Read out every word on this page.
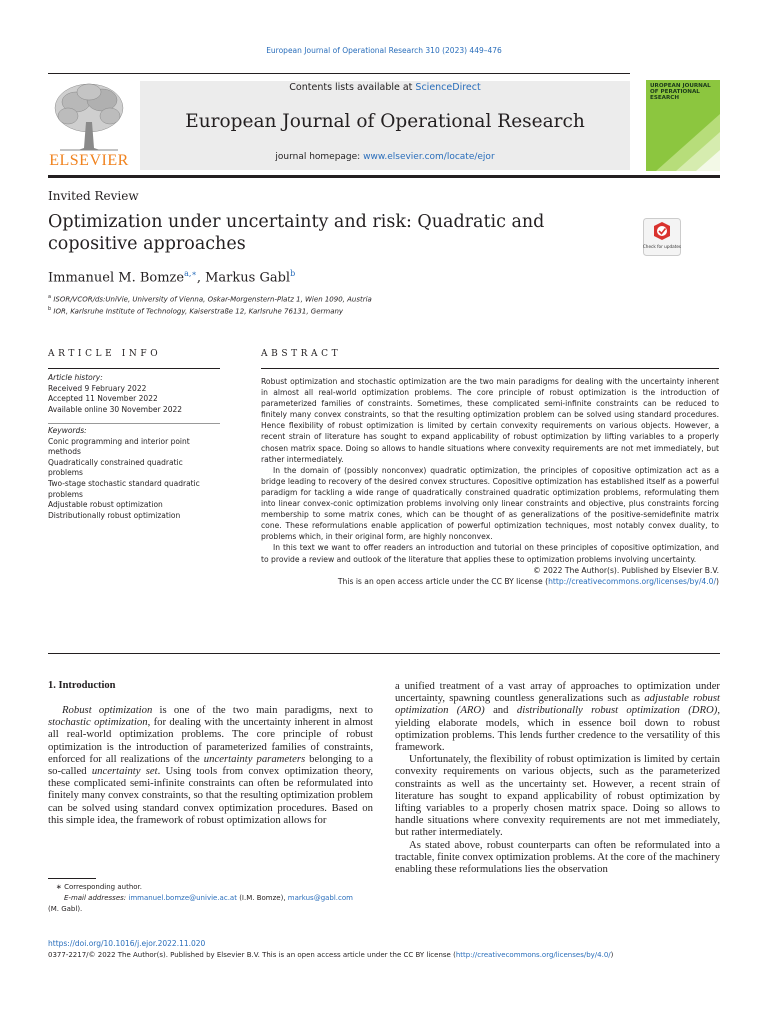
European Journal of Operational Research 310 (2023) 449–476
ELSEVIER
Contents lists available at ScienceDirect
European Journal of Operational Research
journal homepage: www.elsevier.com/locate/ejor
UROPEAN JOURNAL OF PERATIONAL ESEARCH
Invited Review
Optimization under uncertainty and risk: Quadratic and copositive approaches	Check for updates
Immanuel M. Bomze$^{a,∗}$, Markus Gabl$^b$
$^a$ ISOR/VCOR/ds:UniVie, University of Vienna, Oskar-Morgenstern-Platz 1, Wien 1090, Austria
$^b$ IOR, Karlsruhe Institute of Technology, Kaiserstraße 12, Karlsruhe 76131, Germany
ARTICLE INFO
Article history:
Received 9 February 2022
Accepted 11 November 2022
Available online 30 November 2022
Keywords:
Conic programming and interior point methods
Quadratically constrained quadratic problems
Two-stage stochastic standard quadratic problems
Adjustable robust optimization
Distributionally robust optimization
ABSTRACT

Robust optimization and stochastic optimization are the two main paradigms for dealing with the uncertainty inherent in almost all real-world optimization problems. The core principle of robust optimization is the introduction of parameterized families of constraints. Sometimes, these complicated semi-infinite constraints can be reduced to finitely many convex constraints, so that the resulting optimization problem can be solved using standard procedures. Hence flexibility of robust optimization is limited by certain convexity requirements on various objects. However, a recent strain of literature has sought to expand applicability of robust optimization by lifting variables to a properly chosen matrix space. Doing so allows to handle situations where convexity requirements are not met immediately, but rather intermediately.

In the domain of (possibly nonconvex) quadratic optimization, the principles of copositive optimization act as a bridge leading to recovery of the desired convex structures. Copositive optimization has established itself as a powerful paradigm for tackling a wide range of quadratically constrained quadratic optimization problems, reformulating them into linear convex-conic optimization problems involving only linear constraints and objective, plus constraints forcing membership to some matrix cones, which can be thought of as generalizations of the positive-semidefinite matrix cone. These reformulations enable application of powerful optimization techniques, most notably convex duality, to problems which, in their original form, are highly nonconvex.

In this text we want to offer readers an introduction and tutorial on these principles of copositive optimization, and to provide a review and outlook of the literature that applies these to optimization problems involving uncertainty.

© 2022 The Author(s). Published by Elsevier B.V.

This is an open access article under the CC BY license (http://creativecommons.org/licenses/by/4.0/)

1. Introduction

Robust optimization is one of the two main paradigms, next to stochastic optimization, for dealing with the uncertainty inherent in almost all real-world optimization problems. The core principle of robust optimization is the introduction of parameterized families of constraints, enforced for all realizations of the uncertainty parameters belonging to a so-called uncertainty set. Using tools from convex optimization theory, these complicated semi-infinite constraints can often be reformulated into finitely many convex constraints, so that the resulting optimization problem can be solved using standard convex optimization procedures. Based on this simple idea, the framework of robust optimization allows for

a unified treatment of a vast array of approaches to optimization under uncertainty, spawning countless generalizations such as adjustable robust optimization (ARO) and distributionally robust optimization (DRO), yielding elaborate models, which in essence boil down to robust optimization problems. This lends further credence to the versatility of this framework.

Unfortunately, the flexibility of robust optimization is limited by certain convexity requirements on various objects, such as the parameterized constraints as well as the uncertainty set. However, a recent strain of literature has sought to expand applicability of robust optimization by lifting variables to a properly chosen matrix space. Doing so allows to handle situations where convexity requirements are not met immediately, but rather intermediately.

As stated above, robust counterparts can often be reformulated into a tractable, finite convex optimization problems. At the core of the machinery enabling these reformulations lies the observation

∗ Corresponding author.

E-mail addresses: immanuel.bomze@univie.ac.at (I.M. Bomze), markus@gabl.com

(M. Gabl).

https://doi.org/10.1016/j.ejor.2022.11.020
0377-2217/© 2022 The Author(s). Published by Elsevier B.V. This is an open access article under the CC BY license (http://creativecommons.org/licenses/by/4.0/)
